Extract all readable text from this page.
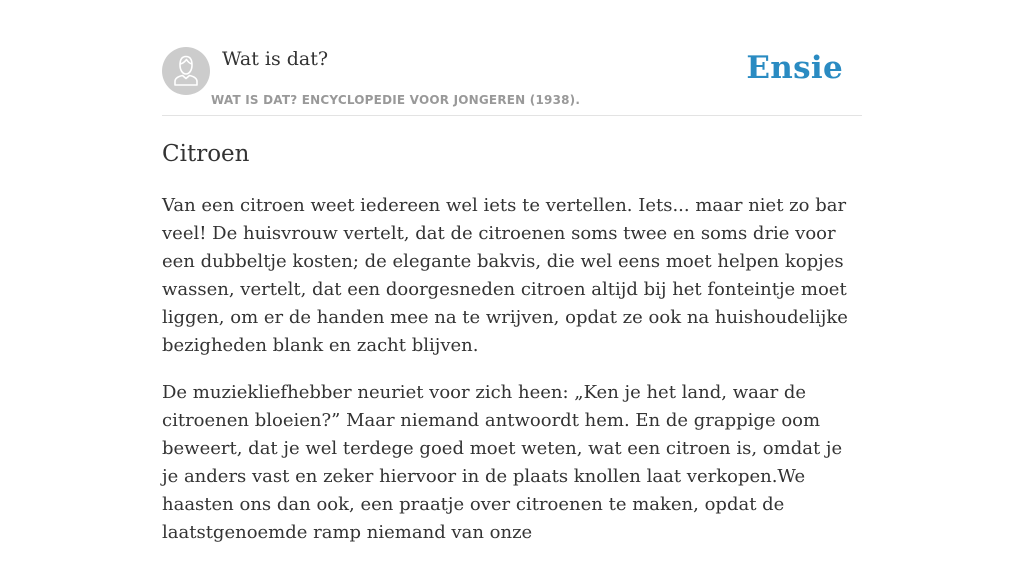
Wat is dat?
WAT IS DAT? ENCYCLOPEDIE VOOR JONGEREN (1938).
Ensie
Citroen

Van een citroen weet iedereen wel iets te vertellen. Iets... maar niet zo bar veel! De huisvrouw vertelt, dat de citroenen soms twee en soms drie voor een dubbeltje kosten; de elegante bakvis, die wel eens moet helpen kopjes wassen, vertelt, dat een doorgesneden citroen altijd bij het fonteintje moet liggen, om er de handen mee na te wrijven, opdat ze ook na huishoudelijke bezigheden blank en zacht blijven.

De muziekliefhebber neuriet voor zich heen: „Ken je het land, waar de citroenen bloeien?” Maar niemand antwoordt hem. En de grappige oom beweert, dat je wel terdege goed moet weten, wat een citroen is, omdat je je anders vast en zeker hiervoor in de plaats knollen laat verkopen.We haasten ons dan ook, een praatje over citroenen te maken, opdat de laatstgenoemde ramp niemand van onze
